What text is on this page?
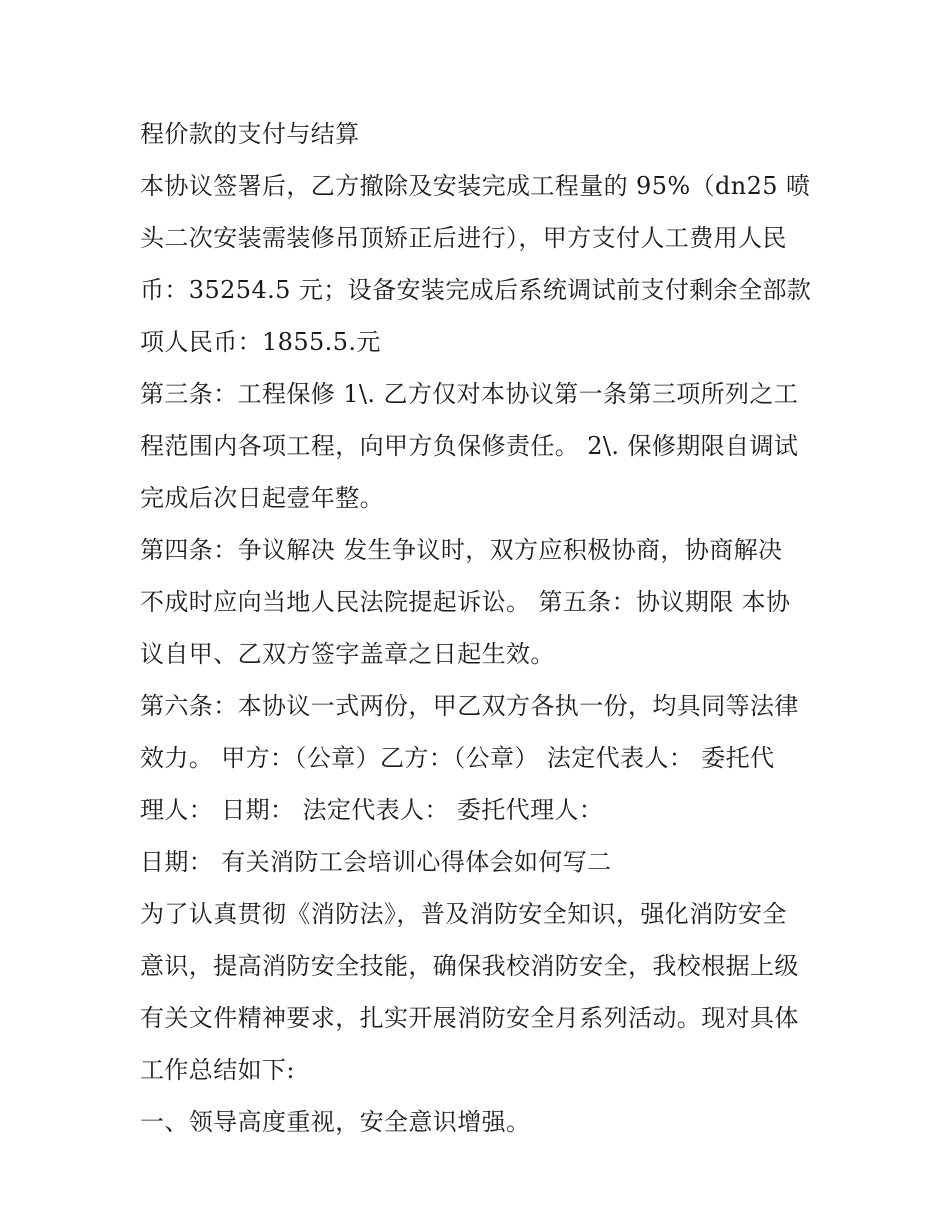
程价款的支付与结算
本协议签署后，乙方撤除及安装完成工程量的 95%（dn25 喷
头二次安装需装修吊顶矫正后进行），甲方支付人工费用人民
币：35254.5 元；设备安装完成后系统调试前支付剩余全部款
项人民币：1855.5.元
第三条：工程保修 1\. 乙方仅对本协议第一条第三项所列之工
程范围内各项工程，向甲方负保修责任。 2\. 保修期限自调试
完成后次日起壹年整。
第四条：争议解决 发生争议时，双方应积极协商，协商解决
不成时应向当地人民法院提起诉讼。 第五条：协议期限 本协
议自甲、乙双方签字盖章之日起生效。
第六条：本协议一式两份，甲乙双方各执一份，均具同等法律
效力。 甲方：（公章）乙方：（公章） 法定代表人： 委托代
理人： 日期： 法定代表人： 委托代理人：
日期： 有关消防工会培训心得体会如何写二
为了认真贯彻《消防法》，普及消防安全知识，强化消防安全
意识，提高消防安全技能，确保我校消防安全，我校根据上级
有关文件精神要求，扎实开展消防安全月系列活动。现对具体
工作总结如下:
一、领导高度重视，安全意识增强。
